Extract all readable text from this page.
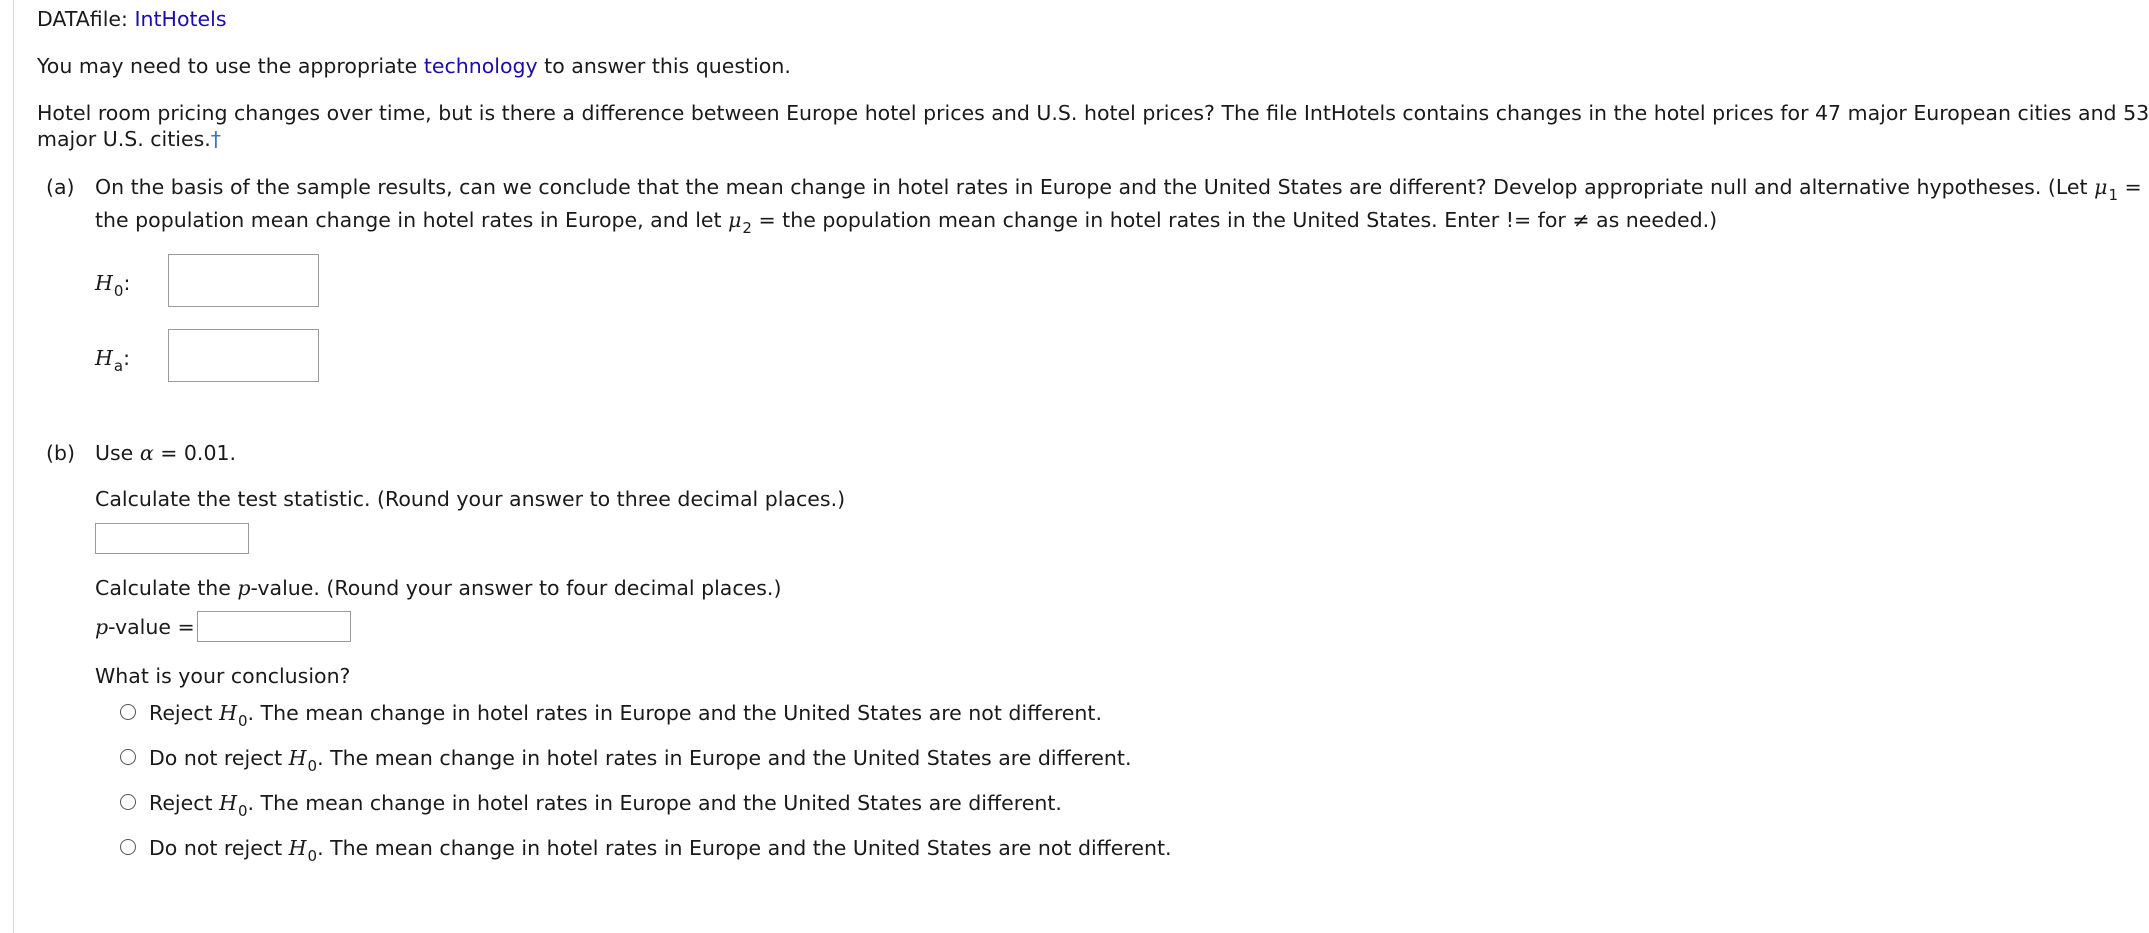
DATAfile: IntHotels
You may need to use the appropriate technology to answer this question.
Hotel room pricing changes over time, but is there a difference between Europe hotel prices and U.S. hotel prices? The file IntHotels contains changes in the hotel prices for 47 major European cities and 53
major U.S. cities.†
(a) On the basis of the sample results, can we conclude that the mean change in hotel rates in Europe and the United States are different? Develop appropriate null and alternative hypotheses. (Let $\mu_1$ =
the population mean change in hotel rates in Europe, and let $\mu_2$ = the population mean change in hotel rates in the United States. Enter != for ≠ as needed.)
$H_0$:
$H_a$:
(b) Use α = 0.01.
Calculate the test statistic. (Round your answer to three decimal places.)
Calculate the p-value. (Round your answer to four decimal places.)
p-value =
What is your conclusion?
Reject $H_0$. The mean change in hotel rates in Europe and the United States are not different.
Do not reject $H_0$. The mean change in hotel rates in Europe and the United States are different.
Reject $H_0$. The mean change in hotel rates in Europe and the United States are different.
Do not reject $H_0$. The mean change in hotel rates in Europe and the United States are not different.
